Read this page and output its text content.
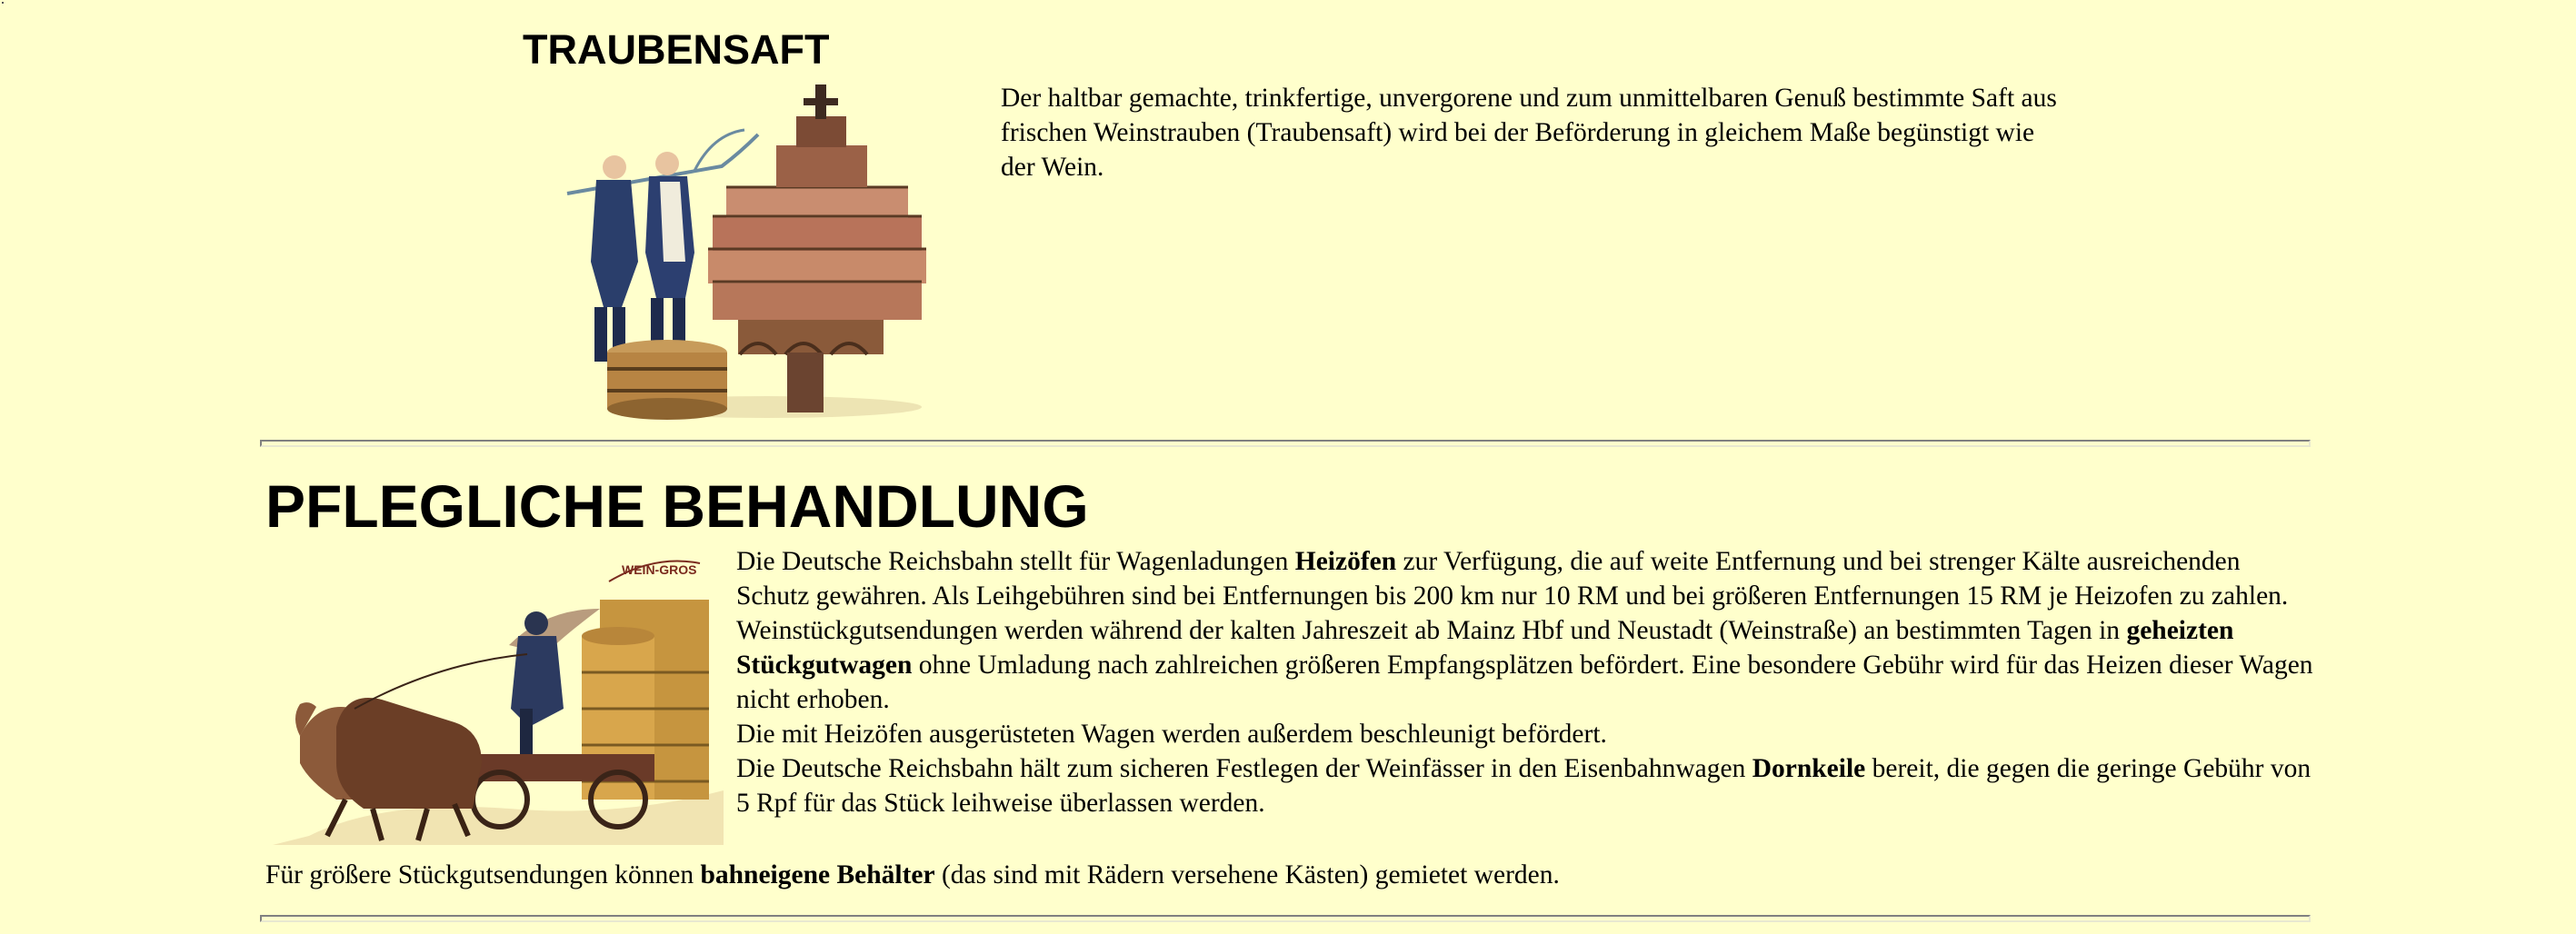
TRAUBENSAFT

Der haltbar gemachte, trinkfertige, unvergorene und zum unmittelbaren Genuß bestimmte Saft aus frischen Weinstrauben (Traubensaft) wird bei der Beförderung in gleichem Maße begünstigt wie der Wein.

PFLEGLICHE BEHANDLUNG
WEIN-GROS Die Deutsche Reichsbahn stellt für Wagenladungen Heizöfen zur Verfügung, die auf weite Entfernung und bei strenger Kälte ausreichenden Schutz gewähren. Als Leihgebühren sind bei Entfernungen bis 200 km nur 10 RM und bei größeren Entfernungen 15 RM je Heizofen zu zahlen.

Weinstückgutsendungen werden während der kalten Jahreszeit ab Mainz Hbf und Neustadt (Weinstraße) an bestimmten Tagen in geheizten Stückgutwagen ohne Umladung nach zahlreichen größeren Empfangsplätzen befördert. Eine besondere Gebühr wird für das Heizen dieser Wagen nicht erhoben.

Die mit Heizöfen ausgerüsteten Wagen werden außerdem beschleunigt befördert.

Die Deutsche Reichsbahn hält zum sicheren Festlegen der Weinfässer in den Eisenbahnwagen Dornkeile bereit, die gegen die geringe Gebühr von 5 Rpf für das Stück leihweise überlassen werden.

Für größere Stückgutsendungen können bahneigene Behälter (das sind mit Rädern versehene Kästen) gemietet werden.
